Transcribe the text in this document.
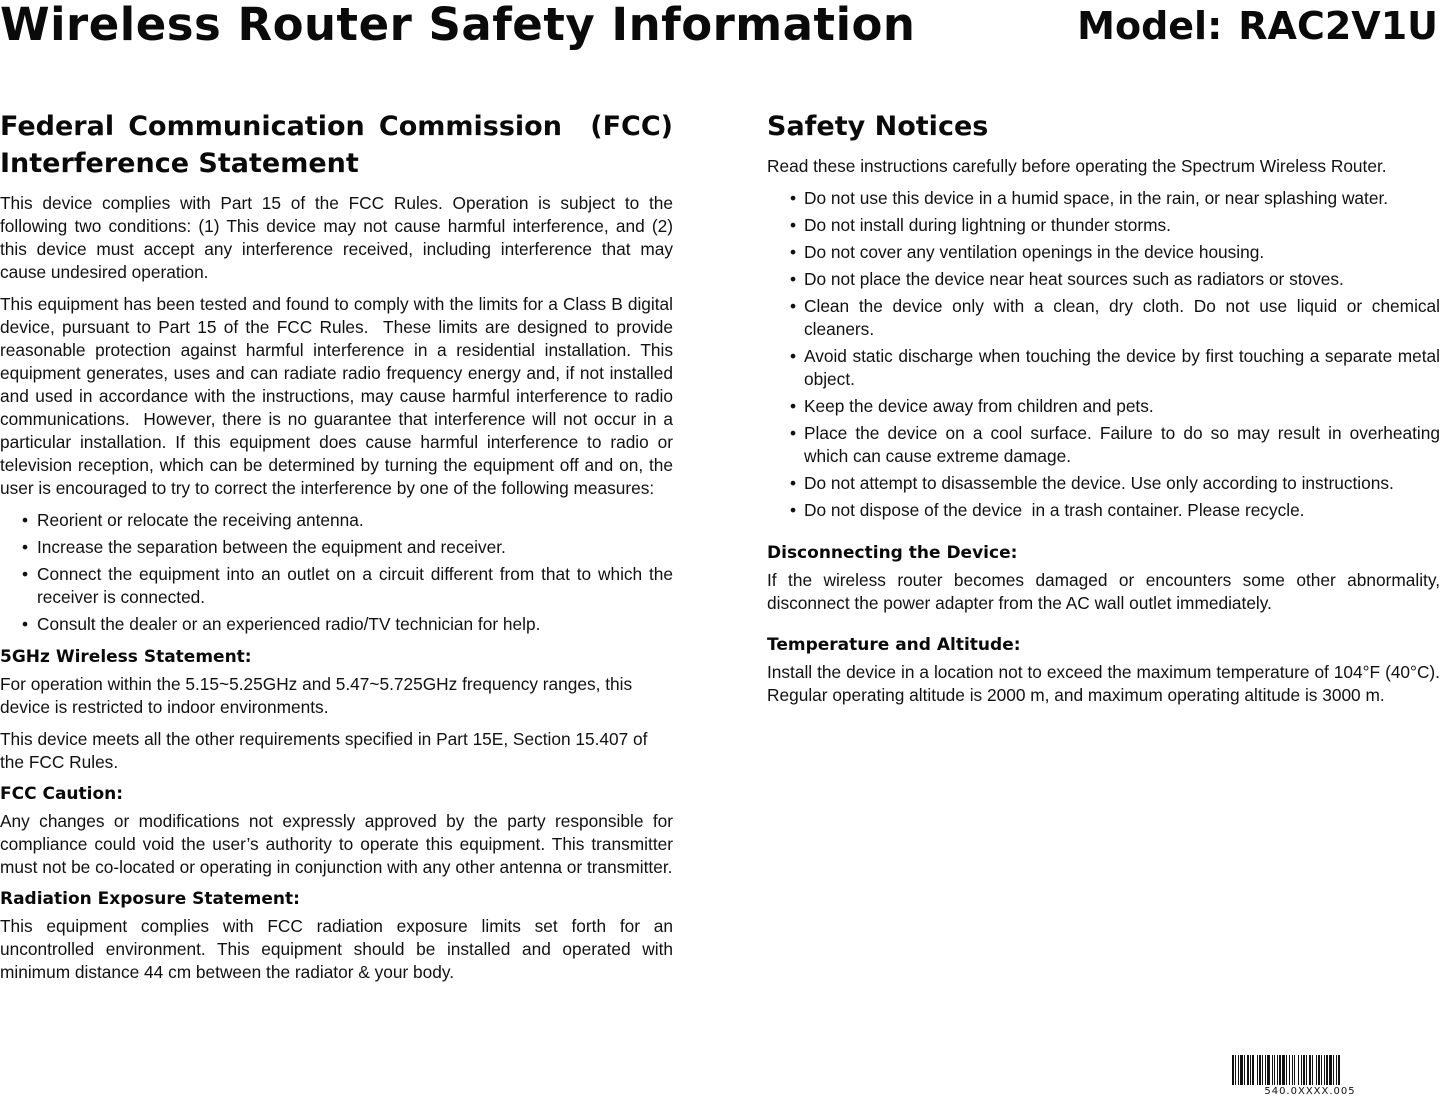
Wireless Router Safety Information	Model: RAC2V1U
Federal Communication Commission  (FCC) Interference Statement

This device complies with Part 15 of the FCC Rules. Operation is subject to the following two conditions: (1) This device may not cause harmful interference, and (2) this device must accept any interference received, including interference that may cause undesired operation.

This equipment has been tested and found to comply with the limits for a Class B digital device, pursuant to Part 15 of the FCC Rules.  These limits are designed to provide reasonable protection against harmful interference in a residential installation. This equipment generates, uses and can radiate radio frequency energy and, if not installed and used in accordance with the instructions, may cause harmful interference to radio communications.  However, there is no guarantee that interference will not occur in a particular installation. If this equipment does cause harmful interference to radio or television reception, which can be determined by turning the equipment off and on, the user is encouraged to try to correct the interference by one of the following measures:

• Reorient or relocate the receiving antenna.
• Increase the separation between the equipment and receiver.
• Connect the equipment into an outlet on a circuit different from that to which the receiver is connected.
• Consult the dealer or an experienced radio/TV technician for help.
5GHz Wireless Statement:

For operation within the 5.15~5.25GHz and 5.47~5.725GHz frequency ranges, this device is restricted to indoor environments.

This device meets all the other requirements specified in Part 15E, Section 15.407 of the FCC Rules.

FCC Caution:

Any changes or modifications not expressly approved by the party responsible for compliance could void the user’s authority to operate this equipment. This transmitter must not be co-located or operating in conjunction with any other antenna or transmitter.

Radiation Exposure Statement:

This equipment complies with FCC radiation exposure limits set forth for an uncontrolled environment. This equipment should be installed and operated with minimum distance 44 cm between the radiator & your body.

Safety Notices

Read these instructions carefully before operating the Spectrum Wireless Router.

• Do not use this device in a humid space, in the rain, or near splashing water.
• Do not install during lightning or thunder storms.
• Do not cover any ventilation openings in the device housing.
• Do not place the device near heat sources such as radiators or stoves.
• Clean the device only with a clean, dry cloth. Do not use liquid or chemical cleaners.
• Avoid static discharge when touching the device by first touching a separate metal object.
• Keep the device away from children and pets.
• Place the device on a cool surface. Failure to do so may result in overheating which can cause extreme damage.
• Do not attempt to disassemble the device. Use only according to instructions.
• Do not dispose of the device  in a trash container. Please recycle.
Disconnecting the Device:

If the wireless router becomes damaged or encounters some other abnormality, disconnect the power adapter from the AC wall outlet immediately.

Temperature and Altitude:

Install the device in a location not to exceed the maximum temperature of 104°F (40°C). Regular operating altitude is 2000 m, and maximum operating altitude is 3000 m.

540.0XXXX.005
